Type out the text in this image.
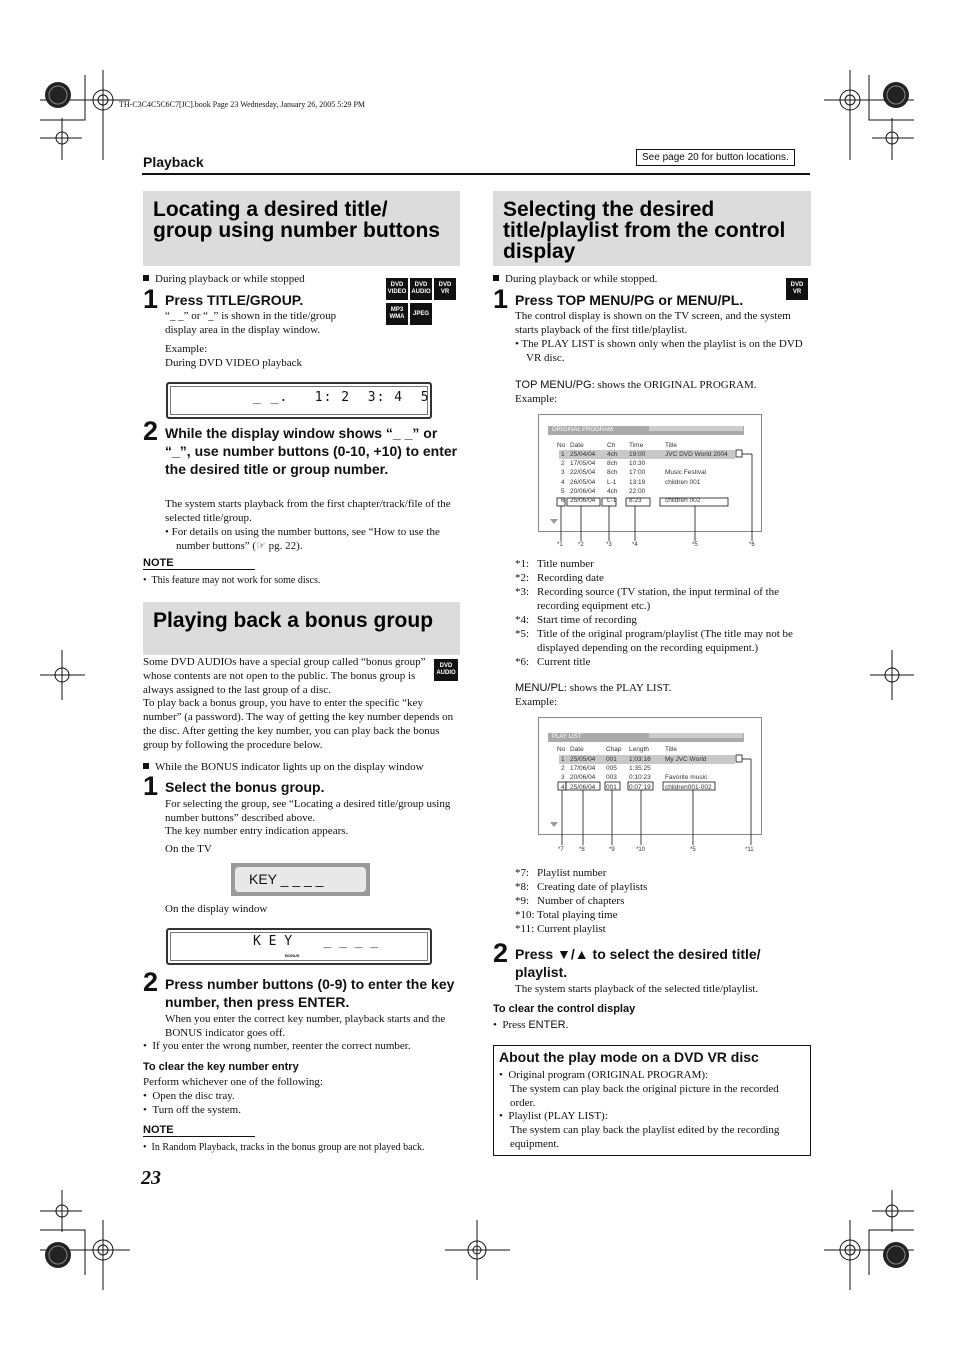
TH-C3C4C5C6C7[JC].book Page 23 Wednesday, January 26, 2005 5:29 PM
Playback	See page 20 for button locations.
Locating a desired title/ group using number buttons
During playback or while stopped	DVD
VIDEO
DVD
AUDIO
DVD
VR
MP3
WMA
JPEG
1 Press TITLE/GROUP.
“_ _” or “_” is shown in the title/group display area in the display window.
Example:
During DVD VIDEO playback
_ _.   1: 2  3: 4  5
2 While the display window shows “_ _” or “_”, use number buttons (0-10, +10) to enter the desired title or group number.
The system starts playback from the first chapter/track/file of the selected title/group.
• For details on using the number buttons, see “How to use the number buttons” (☞ pg. 22).
NOTE
•  This feature may not work for some discs.
Playing back a bonus group
DVD
AUDIO
Some DVD AUDIOs have a special group called “bonus group” whose contents are not open to the public. The bonus group is always assigned to the last group of a disc.
To play back a bonus group, you have to enter the specific “key number” (a password). The way of getting the key number depends on the disc. After getting the key number, you can play back the bonus group by following the procedure below.
While the BONUS indicator lights up on the display window
1 Select the bonus group.
For selecting the group, see “Locating a desired title/group using number buttons” described above.
The key number entry indication appears.
On the TV
KEY _ _ _ _
On the display window
K E Y    _ _ _ _
BONUS
2 Press number buttons (0-9) to enter the key number, then press ENTER.
When you enter the correct key number, playback starts and the BONUS indicator goes off.
•  If you enter the wrong number, reenter the correct number.
To clear the key number entry
Perform whichever one of the following:
•  Open the disc tray.
•  Turn off the system.
NOTE
•  In Random Playback, tracks in the bonus group are not played back.
23
Selecting the desired title/playlist from the control display
During playback or while stopped.	DVD
VR
1 Press TOP MENU/PG or MENU/PL.
The control display is shown on the TV screen, and the system starts playback of the first title/playlist.
• The PLAY LIST is shown only when the playlist is on the DVD VR disc.
TOP MENU/PG: shows the ORIGINAL PROGRAM.
Example:
ORIGINAL PROGRAM
No Date	Ch Time	Title
1 25/04/04 4ch 19:00	JVC DVD World 2004
2 17/05/04 8ch 10:30
3 22/05/04 8ch 17:00	Music Festival
4 26/05/04 L-1 13:19	children 001
5 20/06/04 4ch 22:00
6 25/06/04 L-1 8:23	children 002
*1	*2	*3	*4	*5	*6
*1: Title number
*2: Recording date
*3: Recording source (TV station, the input terminal of the recording equipment etc.)
*4: Start time of recording
*5: Title of the original program/playlist (The title may not be displayed depending on the recording equipment.)
*6: Current title
MENU/PL: shows the PLAY LIST.
Example:
PLAY LIST
No Date	Chap Length Title
1 25/05/04 001 1:03:16 My JVC World
2 17/06/04 005 1:35:25
3 20/06/04 003 0:10:23 Favorite music
4 25/06/04 001 0:07:19 children001-002
*7	*8	*9	*10	*5	*11
*7: Playlist number
*8: Creating date of playlists
*9: Number of chapters
*10: Total playing time
*11: Current playlist
2 Press ▼/▲ to select the desired title/ playlist.
The system starts playback of the selected title/playlist.
To clear the control display
•  Press ENTER.
About the play mode on a DVD VR disc
•  Original program (ORIGINAL PROGRAM):
The system can play back the original picture in the recorded order.
•  Playlist (PLAY LIST):
The system can play back the playlist edited by the recording equipment.
